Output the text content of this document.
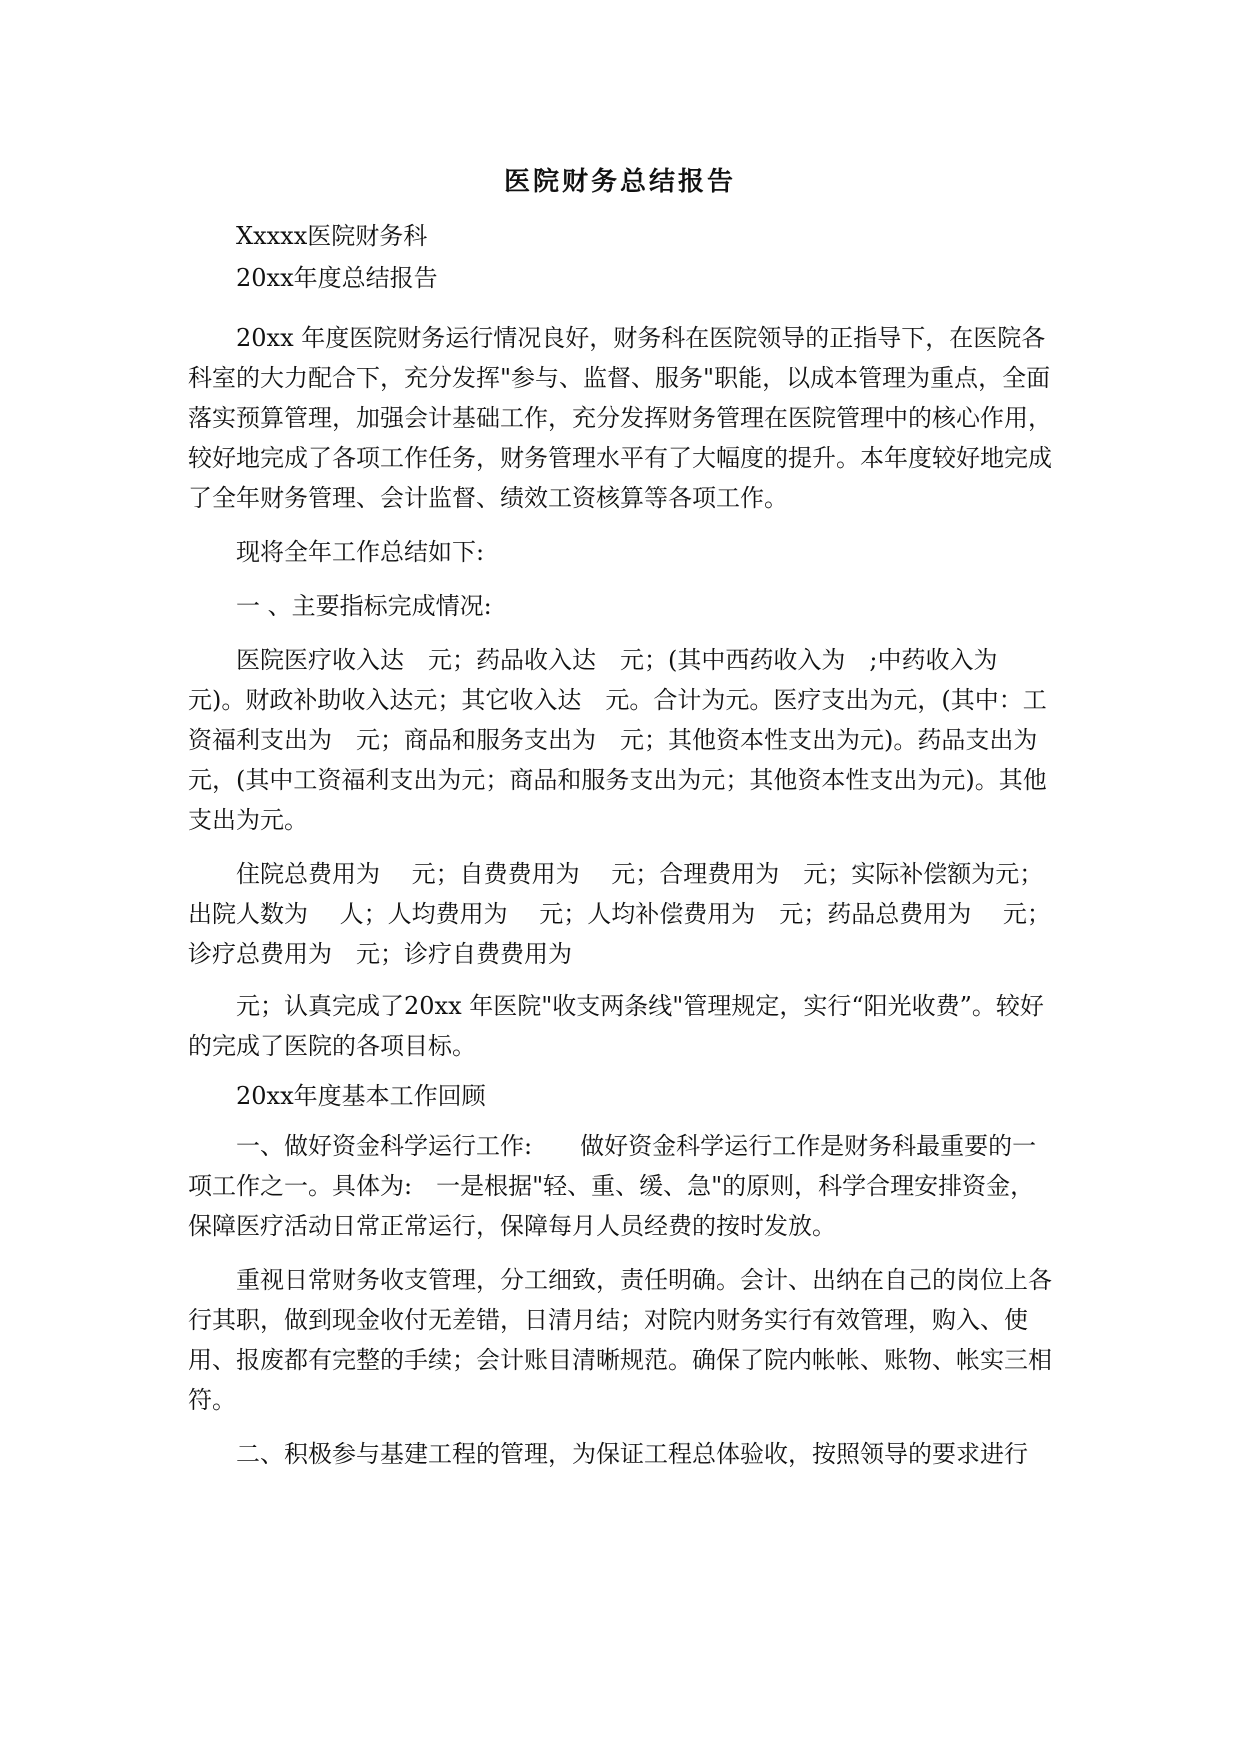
医院财务总结报告

Xxxxx医院财务科

20xx年度总结报告

20xx 年度医院财务运行情况良好，财务科在医院领导的正指导下，在医院各科室的大力配合下，充分发挥"参与、监督、服务"职能，以成本管理为重点，全面落实预算管理，加强会计基础工作，充分发挥财务管理在医院管理中的核心作用，较好地完成了各项工作任务，财务管理水平有了大幅度的提升。本年度较好地完成了全年财务管理、会计监督、绩效工资核算等各项工作。

现将全年工作总结如下:

一 、主要指标完成情况:

医院医疗收入达　元；药品收入达　元；(其中西药收入为　;中药收入为元)。财政补助收入达元；其它收入达　元。合计为元。医疗支出为元，(其中：工资福利支出为　元；商品和服务支出为　元；其他资本性支出为元)。药品支出为元，(其中工资福利支出为元；商品和服务支出为元；其他资本性支出为元)。其他支出为元。

住院总费用为　 元；自费费用为　 元；合理费用为　元；实际补偿额为元；出院人数为　 人；人均费用为　 元；人均补偿费用为　元；药品总费用为　 元；诊疗总费用为　元；诊疗自费费用为

元；认真完成了20xx 年医院"收支两条线"管理规定，实行“阳光收费”。较好的完成了医院的各项目标。

20xx年度基本工作回顾

一、做好资金科学运行工作:　　做好资金科学运行工作是财务科最重要的一项工作之一。具体为:　一是根据"轻、重、缓、急"的原则，科学合理安排资金，保障医疗活动日常正常运行，保障每月人员经费的按时发放。

重视日常财务收支管理，分工细致，责任明确。会计、出纳在自己的岗位上各行其职，做到现金收付无差错，日清月结；对院内财务实行有效管理，购入、使用、报废都有完整的手续；会计账目清晰规范。确保了院内帐帐、账物、帐实三相符。

二、积极参与基建工程的管理，为保证工程总体验收，按照领导的要求进行
